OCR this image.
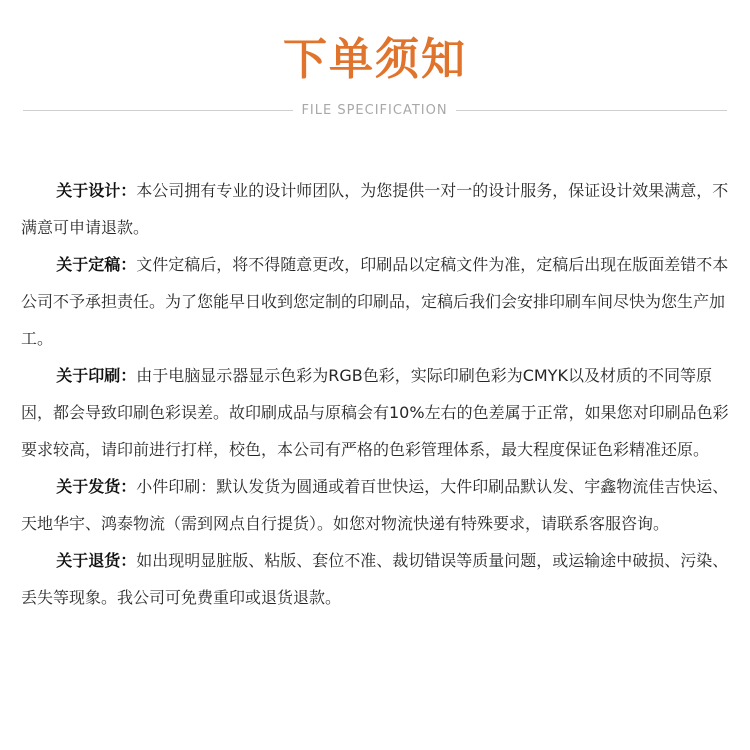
下单须知
FILE SPECIFICATION

关于设计：本公司拥有专业的设计师团队，为您提供一对一的设计服务，保证设计效果满意，不满意可申请退款。

关于定稿：文件定稿后，将不得随意更改，印刷品以定稿文件为准，定稿后出现在版面差错不本公司不予承担责任。为了您能早日收到您定制的印刷品，定稿后我们会安排印刷车间尽快为您生产加工。

关于印刷：由于电脑显示器显示色彩为RGB色彩，实际印刷色彩为CMYK以及材质的不同等原因，都会导致印刷色彩误差。故印刷成品与原稿会有10%左右的色差属于正常，如果您对印刷品色彩要求较高，请印前进行打样，校色，本公司有严格的色彩管理体系，最大程度保证色彩精准还原。

关于发货：小件印刷：默认发货为圆通或着百世快运，大件印刷品默认发、宇鑫物流佳吉快运、天地华宇、鸿泰物流（需到网点自行提货）。如您对物流快递有特殊要求，请联系客服咨询。

关于退货：如出现明显脏版、粘版、套位不准、裁切错误等质量问题，或运输途中破损、污染、丢失等现象。我公司可免费重印或退货退款。
